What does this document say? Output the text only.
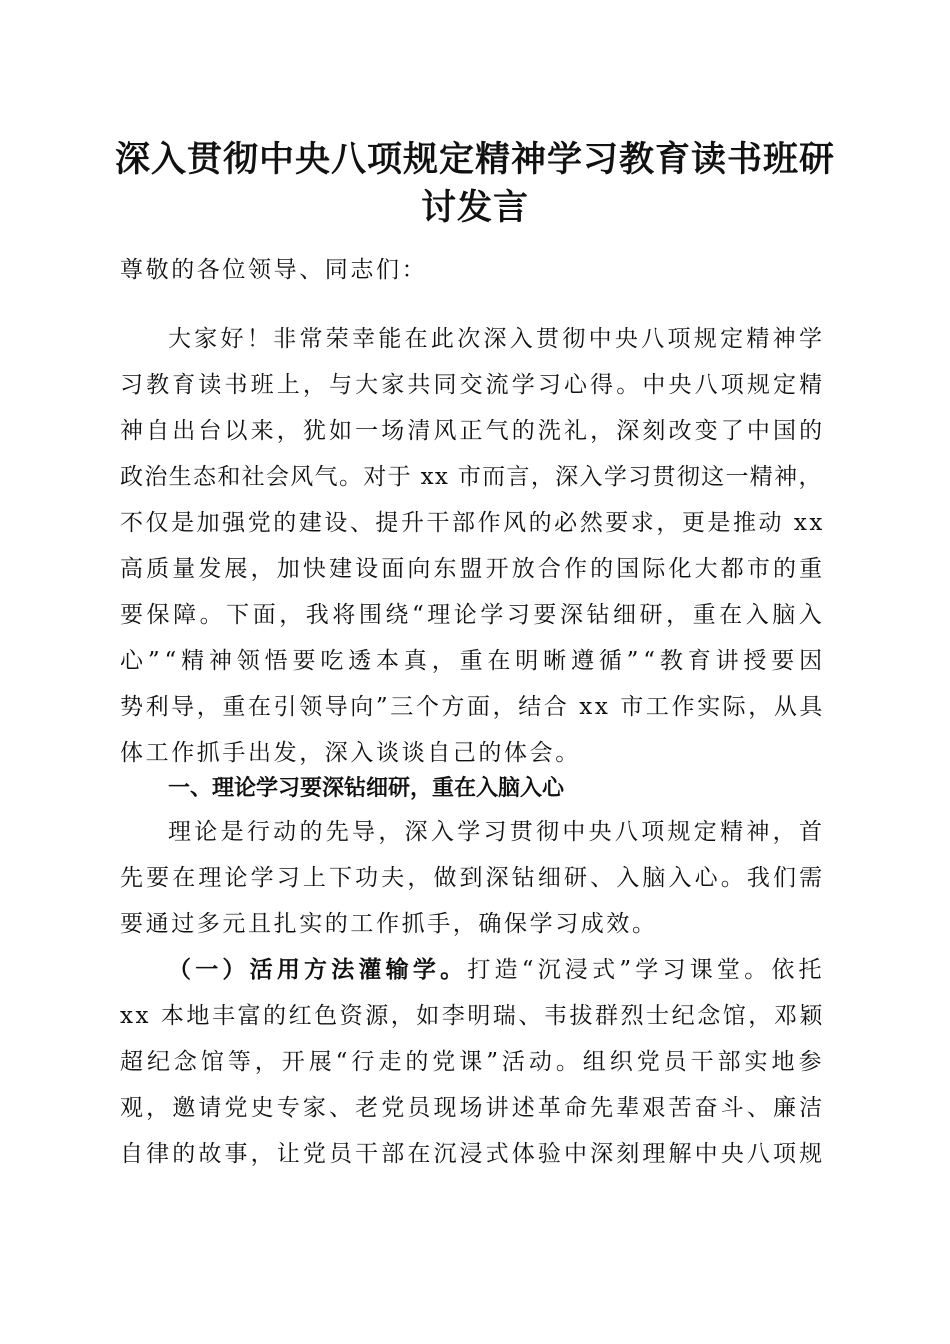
深入贯彻中央八项规定精神学习教育读书班研
讨发言

尊敬的各位领导、同志们：

大家好！非常荣幸能在此次深入贯彻中央八项规定精神学

习教育读书班上，与大家共同交流学习心得。中央八项规定精

神自出台以来，犹如一场清风正气的洗礼，深刻改变了中国的

政治生态和社会风气。对于 xx 市而言，深入学习贯彻这一精神，

不仅是加强党的建设、提升干部作风的必然要求，更是推动 xx

高质量发展，加快建设面向东盟开放合作的国际化大都市的重

要保障。下面，我将围绕“理论学习要深钻细研，重在入脑入

心”“精神领悟要吃透本真，重在明晰遵循”“教育讲授要因

势利导，重在引领导向”三个方面，结合 xx 市工作实际，从具

体工作抓手出发，深入谈谈自己的体会。

一、理论学习要深钻细研，重在入脑入心

理论是行动的先导，深入学习贯彻中央八项规定精神，首

先要在理论学习上下功夫，做到深钻细研、入脑入心。我们需

要通过多元且扎实的工作抓手，确保学习成效。

（一）活用方法灌输学。打造“沉浸式”学习课堂。依托

xx 本地丰富的红色资源，如李明瑞、韦拔群烈士纪念馆，邓颖

超纪念馆等，开展“行走的党课”活动。组织党员干部实地参

观，邀请党史专家、老党员现场讲述革命先辈艰苦奋斗、廉洁

自律的故事，让党员干部在沉浸式体验中深刻理解中央八项规
